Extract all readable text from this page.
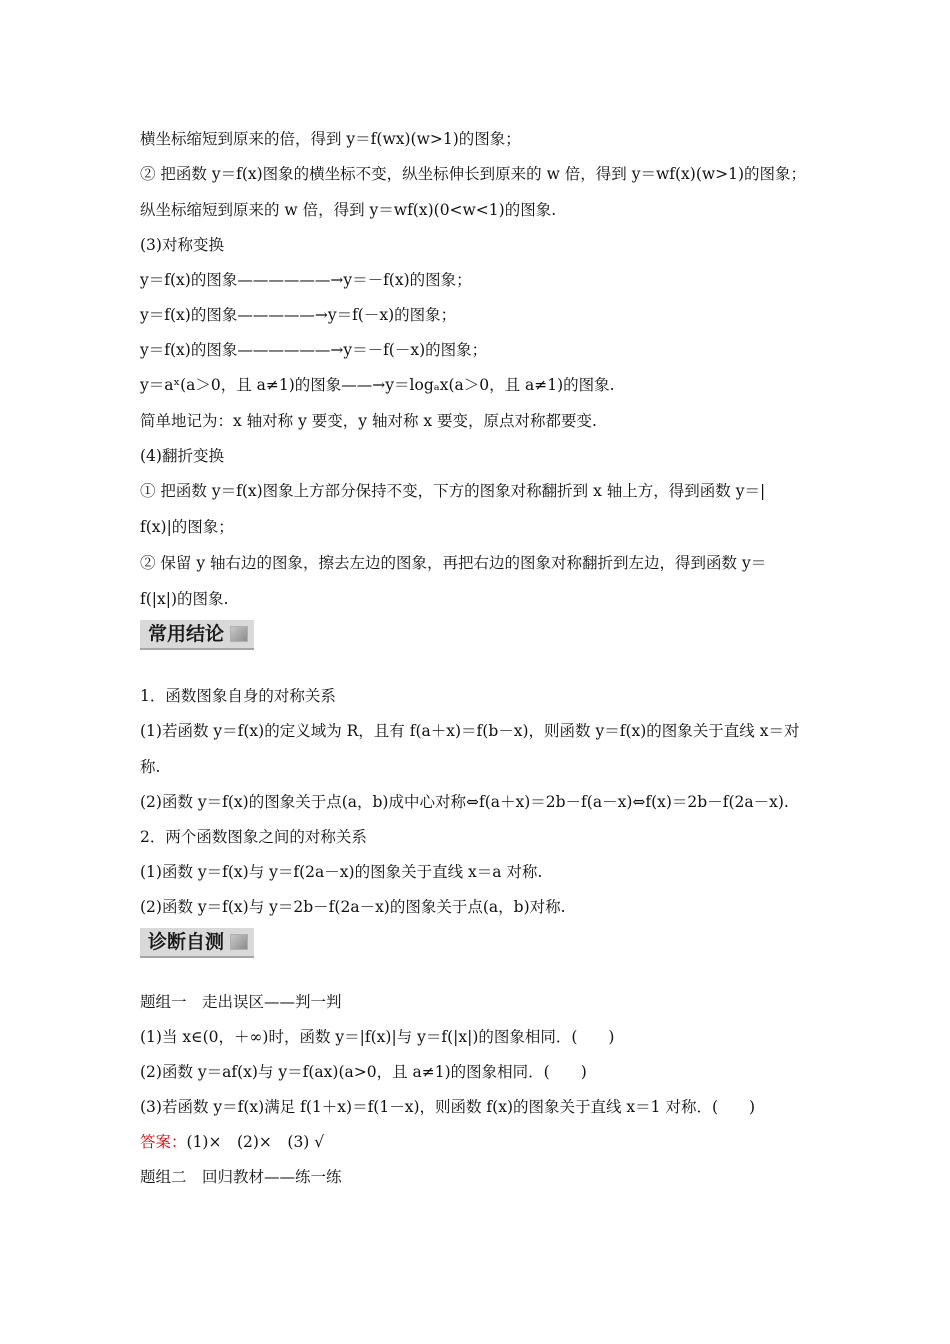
横坐标缩短到原来的倍，得到 y＝f(wx)(w>1)的图象；
② 把函数 y＝f(x)图象的横坐标不变，纵坐标伸长到原来的 w 倍，得到 y＝wf(x)(w>1)的图象；
纵坐标缩短到原来的 w 倍，得到 y＝wf(x)(0<w<1)的图象.
(3)对称变换
y＝f(x)的图象——————→y＝－f(x)的图象；
y＝f(x)的图象—————→y＝f(－x)的图象；
y＝f(x)的图象——————→y＝－f(－x)的图象；
y＝aˣ(a＞0，且 a≠1)的图象——→y＝logₐx(a＞0，且 a≠1)的图象.
简单地记为：x 轴对称 y 要变，y 轴对称 x 要变，原点对称都要变.
(4)翻折变换
① 把函数 y＝f(x)图象上方部分保持不变，下方的图象对称翻折到 x 轴上方，得到函数 y＝|
f(x)|的图象；
② 保留 y 轴右边的图象，擦去左边的图象，再把右边的图象对称翻折到左边，得到函数 y＝
f(|x|)的图象.
常用结论
1．函数图象自身的对称关系
(1)若函数 y＝f(x)的定义域为 R，且有 f(a＋x)＝f(b－x)，则函数 y＝f(x)的图象关于直线 x＝对
称.
(2)函数 y＝f(x)的图象关于点(a，b)成中心对称⇔f(a＋x)＝2b－f(a－x)⇔f(x)＝2b－f(2a－x).
2．两个函数图象之间的对称关系
(1)函数 y＝f(x)与 y＝f(2a－x)的图象关于直线 x＝a 对称.
(2)函数 y＝f(x)与 y＝2b－f(2a－x)的图象关于点(a，b)对称.
诊断自测
题组一　走出误区——判一判
(1)当 x∈(0，＋∞)时，函数 y＝|f(x)|与 y＝f(|x|)的图象相同．(　　)
(2)函数 y＝af(x)与 y＝f(ax)(a>0，且 a≠1)的图象相同．(　　)
(3)若函数 y＝f(x)满足 f(1＋x)＝f(1－x)，则函数 f(x)的图象关于直线 x＝1 对称．(　　)
答案：(1)×　(2)×　(3) √
题组二　回归教材——练一练
